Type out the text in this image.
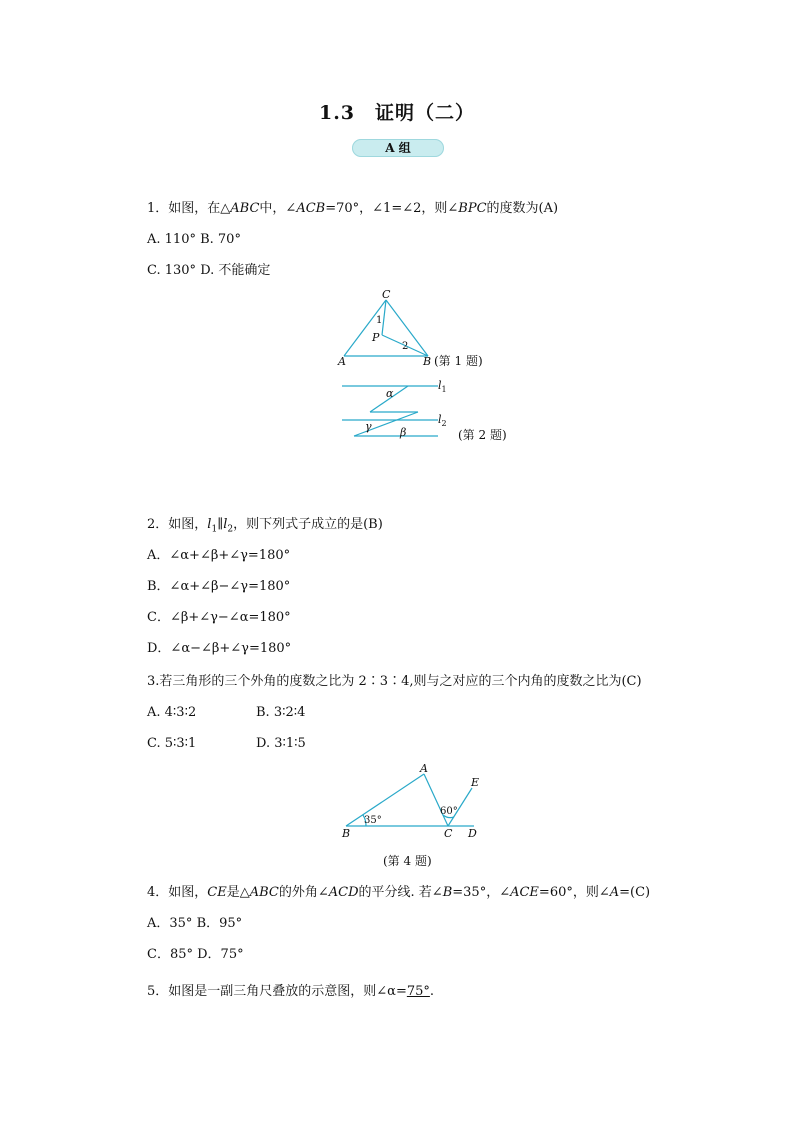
1.3　证明（二）
A 组
1．如图，在△ABC中，∠ACB=70°，∠1=∠2，则∠BPC的度数为(A)
A. 110° B. 70°
C. 130° D. 不能确定
A	B
C
P
1
2
(第 1 题)
α
γ	β
$l_1$
$l_2$
(第 2 题)
2．如图，$l_1\parallel l_2$，则下列式子成立的是(B)
A．∠α+∠β+∠γ=180°
B．∠α+∠β−∠γ=180°
C．∠β+∠γ−∠α=180°
D．∠α−∠β+∠γ=180°
3.若三角形的三个外角的度数之比为 2∶3∶4,则与之对应的三个内角的度数之比为(C)
A. 4∶3∶2	B. 3∶2∶4
C. 5∶3∶1	D. 3∶1∶5
B
A
C D
E
35°
60°
(第 4 题)
4．如图，CE是△ABC的外角∠ACD的平分线. 若∠B=35°，∠ACE=60°，则∠A=(C)
A．35° B．95°
C．85° D．75°
5．如图是一副三角尺叠放的示意图，则∠α=75°.
